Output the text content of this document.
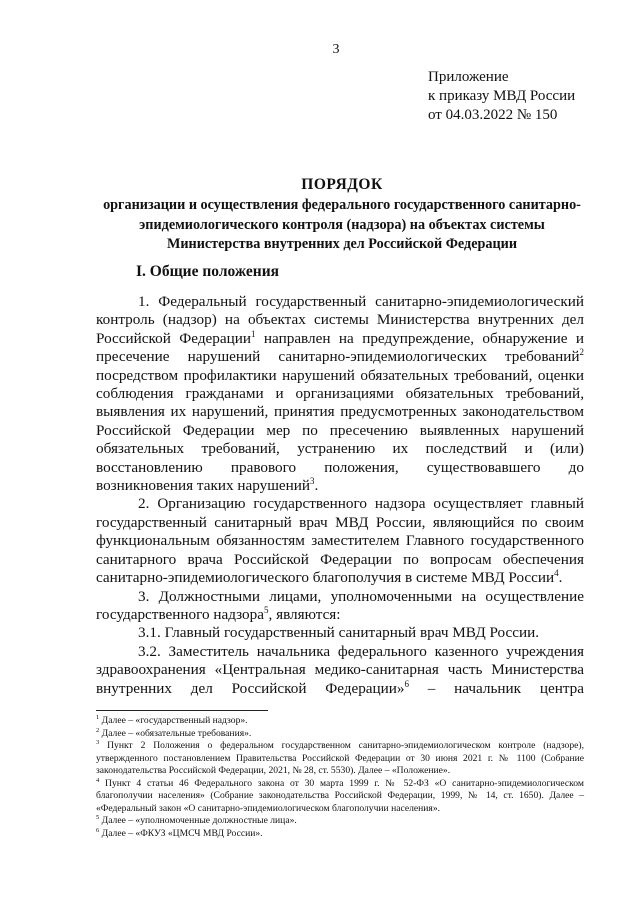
3
Приложение
к приказу МВД России
от 04.03.2022 № 150
ПОРЯДОК
организации и осуществления федерального государственного санитарно-эпидемиологического контроля (надзора) на объектах системы Министерства внутренних дел Российской Федерации
I. Общие положения

1. Федеральный государственный санитарно-эпидемиологический контроль (надзор) на объектах системы Министерства внутренних дел Российской Федерации$^1$ направлен на предупреждение, обнаружение и пресечение нарушений санитарно-эпидемиологических требований$^2$ посредством профилактики нарушений обязательных требований, оценки соблюдения гражданами и организациями обязательных требований, выявления их нарушений, принятия предусмотренных законодательством Российской Федерации мер по пресечению выявленных нарушений обязательных требований, устранению их последствий и (или) восстановлению правового положения, существовавшего до возникновения таких нарушений$^3$.

2. Организацию государственного надзора осуществляет главный государственный санитарный врач МВД России, являющийся по своим функциональным обязанностям заместителем Главного государственного санитарного врача Российской Федерации по вопросам обеспечения санитарно-эпидемиологического благополучия в системе МВД России$^4$.

3. Должностными лицами, уполномоченными на осуществление государственного надзора$^5$, являются:

3.1. Главный государственный санитарный врач МВД России.

3.2. Заместитель начальника федерального казенного учреждения здравоохранения «Центральная медико-санитарная часть Министерства внутренних дел Российской Федерации»$^6$ – начальник центра

$^1$ Далее – «государственный надзор».

$^2$ Далее – «обязательные требования».

$^3$ Пункт 2 Положения о федеральном государственном санитарно-эпидемиологическом контроле (надзоре), утвержденного постановлением Правительства Российской Федерации от 30 июня 2021 г. № 1100 (Собрание законодательства Российской Федерации, 2021, № 28, ст. 5530). Далее – «Положение».

$^4$ Пункт 4 статьи 46 Федерального закона от 30 марта 1999 г. № 52-ФЗ «О санитарно-эпидемиологическом благополучии населения» (Собрание законодательства Российской Федерации, 1999, № 14, ст. 1650). Далее – «Федеральный закон «О санитарно-эпидемиологическом благополучии населения».

$^5$ Далее – «уполномоченные должностные лица».

$^6$ Далее – «ФКУЗ «ЦМСЧ МВД России».
